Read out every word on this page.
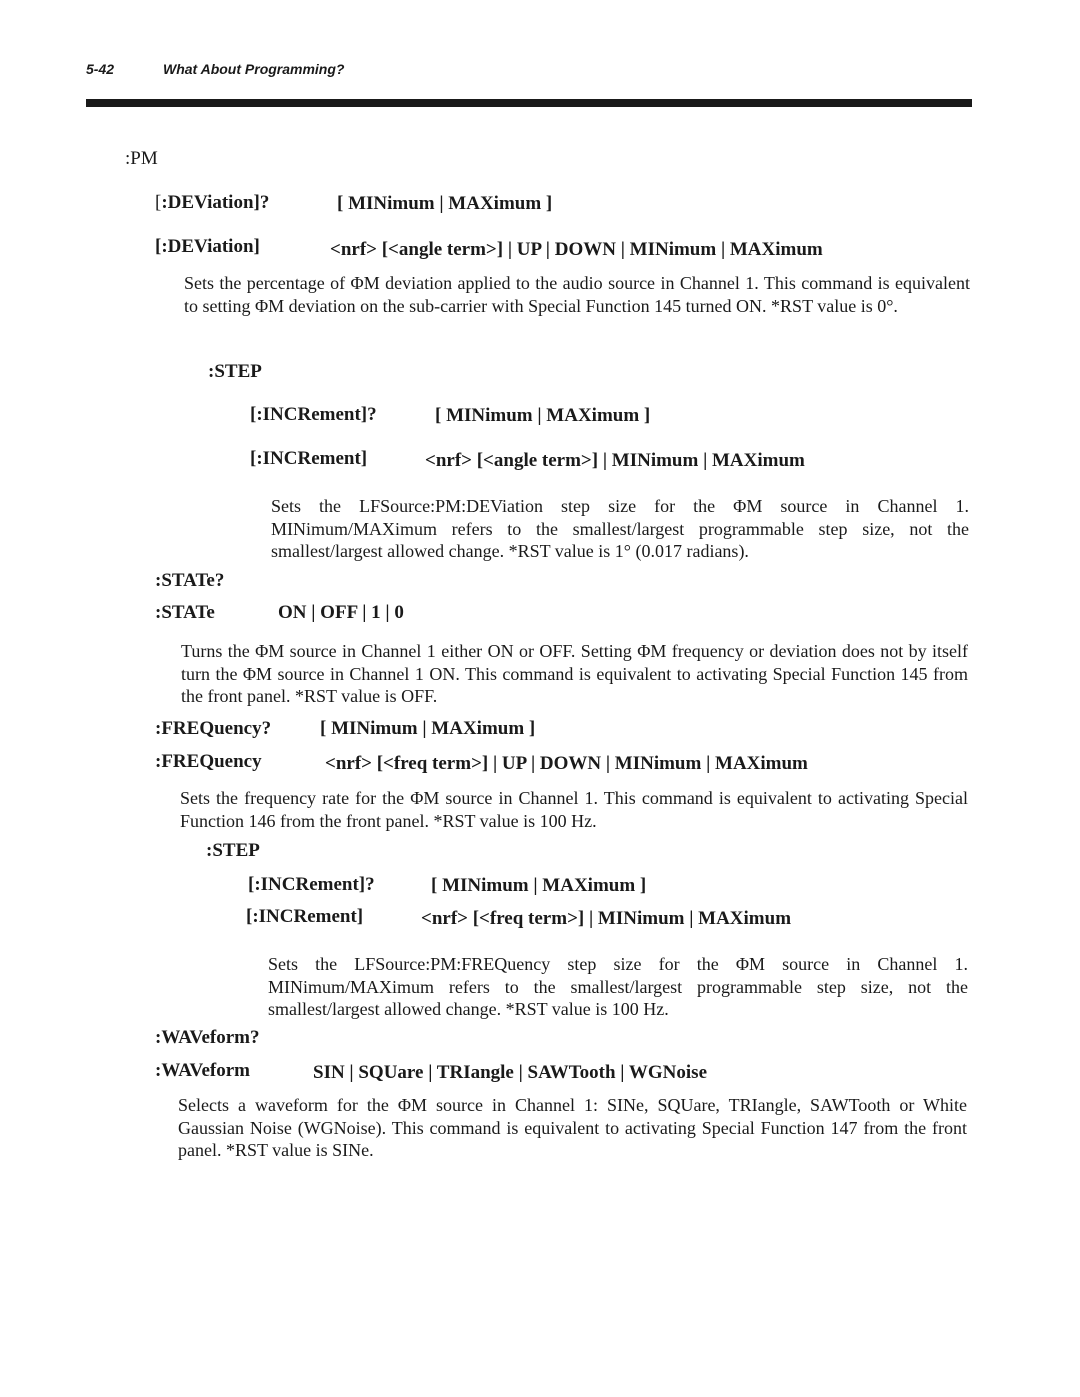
5-42	What About Programming?
:PM
[:DEViation]?	[ MINimum | MAXimum ]
[:DEViation]	<nrf> [<angle term>] | UP | DOWN | MINimum | MAXimum
Sets the percentage of ΦM deviation applied to the audio source in Channel 1. This command is equivalent to setting ΦM deviation on the sub-carrier with Special Function 145 turned ON. *RST value is 0°.
:STEP
[:INCRement]?	[ MINimum | MAXimum ]
[:INCRement]	<nrf> [<angle term>] | MINimum | MAXimum
Sets the LFSource:PM:DEViation step size for the ΦM source in Channel 1. MINimum/MAXimum refers to the smallest/largest programmable step size, not the smallest/largest allowed change. *RST value is 1° (0.017 radians).
:STATe?
:STATe	ON | OFF | 1 | 0
Turns the ΦM source in Channel 1 either ON or OFF. Setting ΦM frequency or deviation does not by itself turn the ΦM source in Channel 1 ON. This command is equivalent to activating Special Function 145 from the front panel. *RST value is OFF.
:FREQuency?	[ MINimum | MAXimum ]
:FREQuency	<nrf> [<freq term>] | UP | DOWN | MINimum | MAXimum
Sets the frequency rate for the ΦM source in Channel 1. This command is equivalent to activating Special Function 146 from the front panel. *RST value is 100 Hz.
:STEP
[:INCRement]?	[ MINimum | MAXimum ]
[:INCRement]	<nrf> [<freq term>] | MINimum | MAXimum
Sets the LFSource:PM:FREQuency step size for the ΦM source in Channel 1. MINimum/MAXimum refers to the smallest/largest programmable step size, not the smallest/largest allowed change. *RST value is 100 Hz.
:WAVeform?
:WAVeform	SIN | SQUare | TRIangle | SAWTooth | WGNoise
Selects a waveform for the ΦM source in Channel 1: SINe, SQUare, TRIangle, SAWTooth or White Gaussian Noise (WGNoise). This command is equivalent to activating Special Function 147 from the front panel. *RST value is SINe.
